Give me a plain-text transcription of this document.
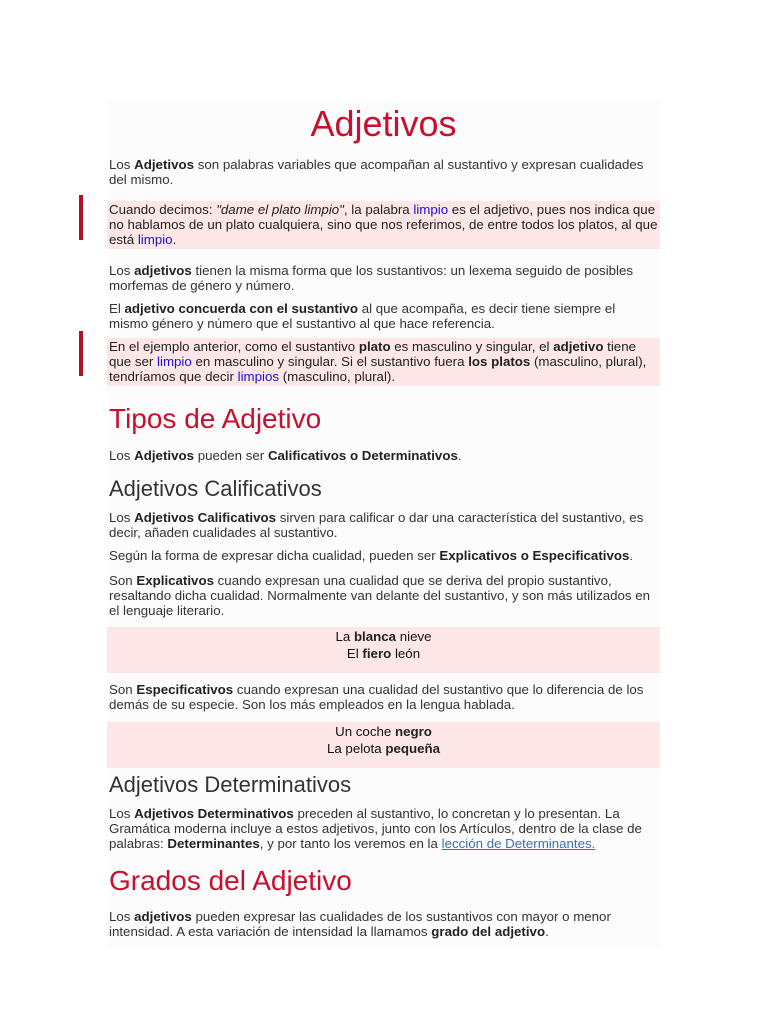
Adjetivos

Los Adjetivos son palabras variables que acompañan al sustantivo y expresan cualidades del mismo.

Cuando decimos: "dame el plato limpio", la palabra limpio es el adjetivo, pues nos indica que no hablamos de un plato cualquiera, sino que nos referimos, de entre todos los platos, al que está limpio.

Los adjetivos tienen la misma forma que los sustantivos: un lexema seguido de posibles morfemas de género y número.

El adjetivo concuerda con el sustantivo al que acompaña, es decir tiene siempre el mismo género y número que el sustantivo al que hace referencia.

En el ejemplo anterior, como el sustantivo plato es masculino y singular, el adjetivo tiene que ser limpio en masculino y singular. Si el sustantivo fuera los platos (masculino, plural), tendríamos que decir limpios (masculino, plural).
Tipos de Adjetivo

Los Adjetivos pueden ser Calificativos o Determinativos.

Adjetivos Calificativos

Los Adjetivos Calificativos sirven para calificar o dar una característica del sustantivo, es decir, añaden cualidades al sustantivo.

Según la forma de expresar dicha cualidad, pueden ser Explicativos o Especificativos.

Son Explicativos cuando expresan una cualidad que se deriva del propio sustantivo, resaltando dicha cualidad. Normalmente van delante del sustantivo, y son más utilizados en el lenguaje literario.

La blanca nieve
El fiero león

Son Especificativos cuando expresan una cualidad del sustantivo que lo diferencia de los demás de su especie. Son los más empleados en la lengua hablada.

Un coche negro
La pelota pequeña
Adjetivos Determinativos

Los Adjetivos Determinativos preceden al sustantivo, lo concretan y lo presentan. La Gramática moderna incluye a estos adjetivos, junto con los Artículos, dentro de la clase de palabras: Determinantes, y por tanto los veremos en la lección de Determinantes.

Grados del Adjetivo

Los adjetivos pueden expresar las cualidades de los sustantivos con mayor o menor intensidad. A esta variación de intensidad la llamamos grado del adjetivo.
